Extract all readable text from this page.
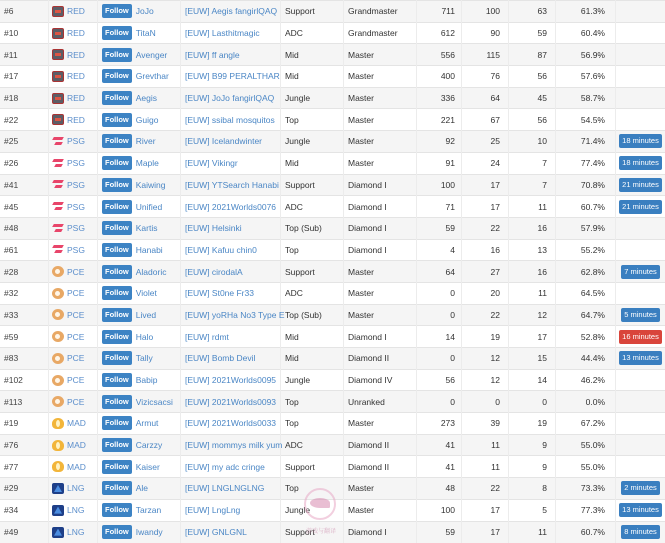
#6	RED	Follow JoJo	[EUW] Aegis fangirlQAQ	Support	Grandmaster	711	100	63	61.3%	
#10	RED	Follow TitaN	[EUW] Lasthitmagic	ADC	Grandmaster	612	90	59	60.4%	
#11	RED	Follow Avenger	[EUW] ff angle	Mid	Master	556	115	87	56.9%	
#17	RED	Follow Grevthar	[EUW] B99 PERALTHAR	Mid	Master	400	76	56	57.6%	
#18	RED	Follow Aegis	[EUW] JoJo fangirlQAQ	Jungle	Master	336	64	45	58.7%	
#22	RED	Follow Guigo	[EUW] ssibal mosquitos	Top	Master	221	67	56	54.5%	
#25	PSG	Follow River	[EUW] Icelandwinter	Jungle	Master	92	25	10	71.4%	18 minutes
#26	PSG	Follow Maple	[EUW] Vikingr	Mid	Master	91	24	7	77.4%	18 minutes
#41	PSG	Follow Kaiwing	[EUW] YTSearch Hanabi	Support	Diamond I	100	17	7	70.8%	21 minutes
#45	PSG	Follow Unified	[EUW] 2021Worlds0076	ADC	Diamond I	71	17	11	60.7%	21 minutes
#48	PSG	Follow Kartis	[EUW] Helsinki	Top (Sub)	Diamond I	59	22	16	57.9%	
#61	PSG	Follow Hanabi	[EUW] Kafuu chin0	Top	Diamond I	4	16	13	55.2%	
#28	PCE	Follow Aladoric	[EUW] cirodalA	Support	Master	64	27	16	62.8%	7 minutes
#32	PCE	Follow Violet	[EUW] St0ne Fr33	ADC	Master	0	20	11	64.5%	
#33	PCE	Follow Lived	[EUW] yoRHa No3 Type E	Top (Sub)	Master	0	22	12	64.7%	5 minutes
#59	PCE	Follow Halo	[EUW] rdmt	Mid	Diamond I	14	19	17	52.8%	16 minutes
#83	PCE	Follow Tally	[EUW] Bomb Devil	Mid	Diamond II	0	12	15	44.4%	13 minutes
#102	PCE	Follow Babip	[EUW] 2021Worlds0095	Jungle	Diamond IV	56	12	14	46.2%	
#113	PCE	Follow Vizicsacsi	[EUW] 2021Worlds0093	Top	Unranked	0	0	0	0.0%	
#19	MAD	Follow Armut	[EUW] 2021Worlds0033	Top	Master	273	39	19	67.2%	
#76	MAD	Follow Carzzy	[EUW] mommys milk yum	ADC	Diamond II	41	11	9	55.0%	
#77	MAD	Follow Kaiser	[EUW] my adc cringe	Support	Diamond II	41	11	9	55.0%	
#29	LNG	Follow Ale	[EUW] LNGLNGLNG	Top	Master	48	22	8	73.3%	2 minutes
#34	LNG	Follow Tarzan	[EUW] LngLng	Jungle	Master	100	17	5	77.3%	13 minutes
#49	LNG	Follow Iwandy	[EUW] GNLGNL	Support	Diamond I	59	17	11	60.7%	8 minutes
游戏与翻译
